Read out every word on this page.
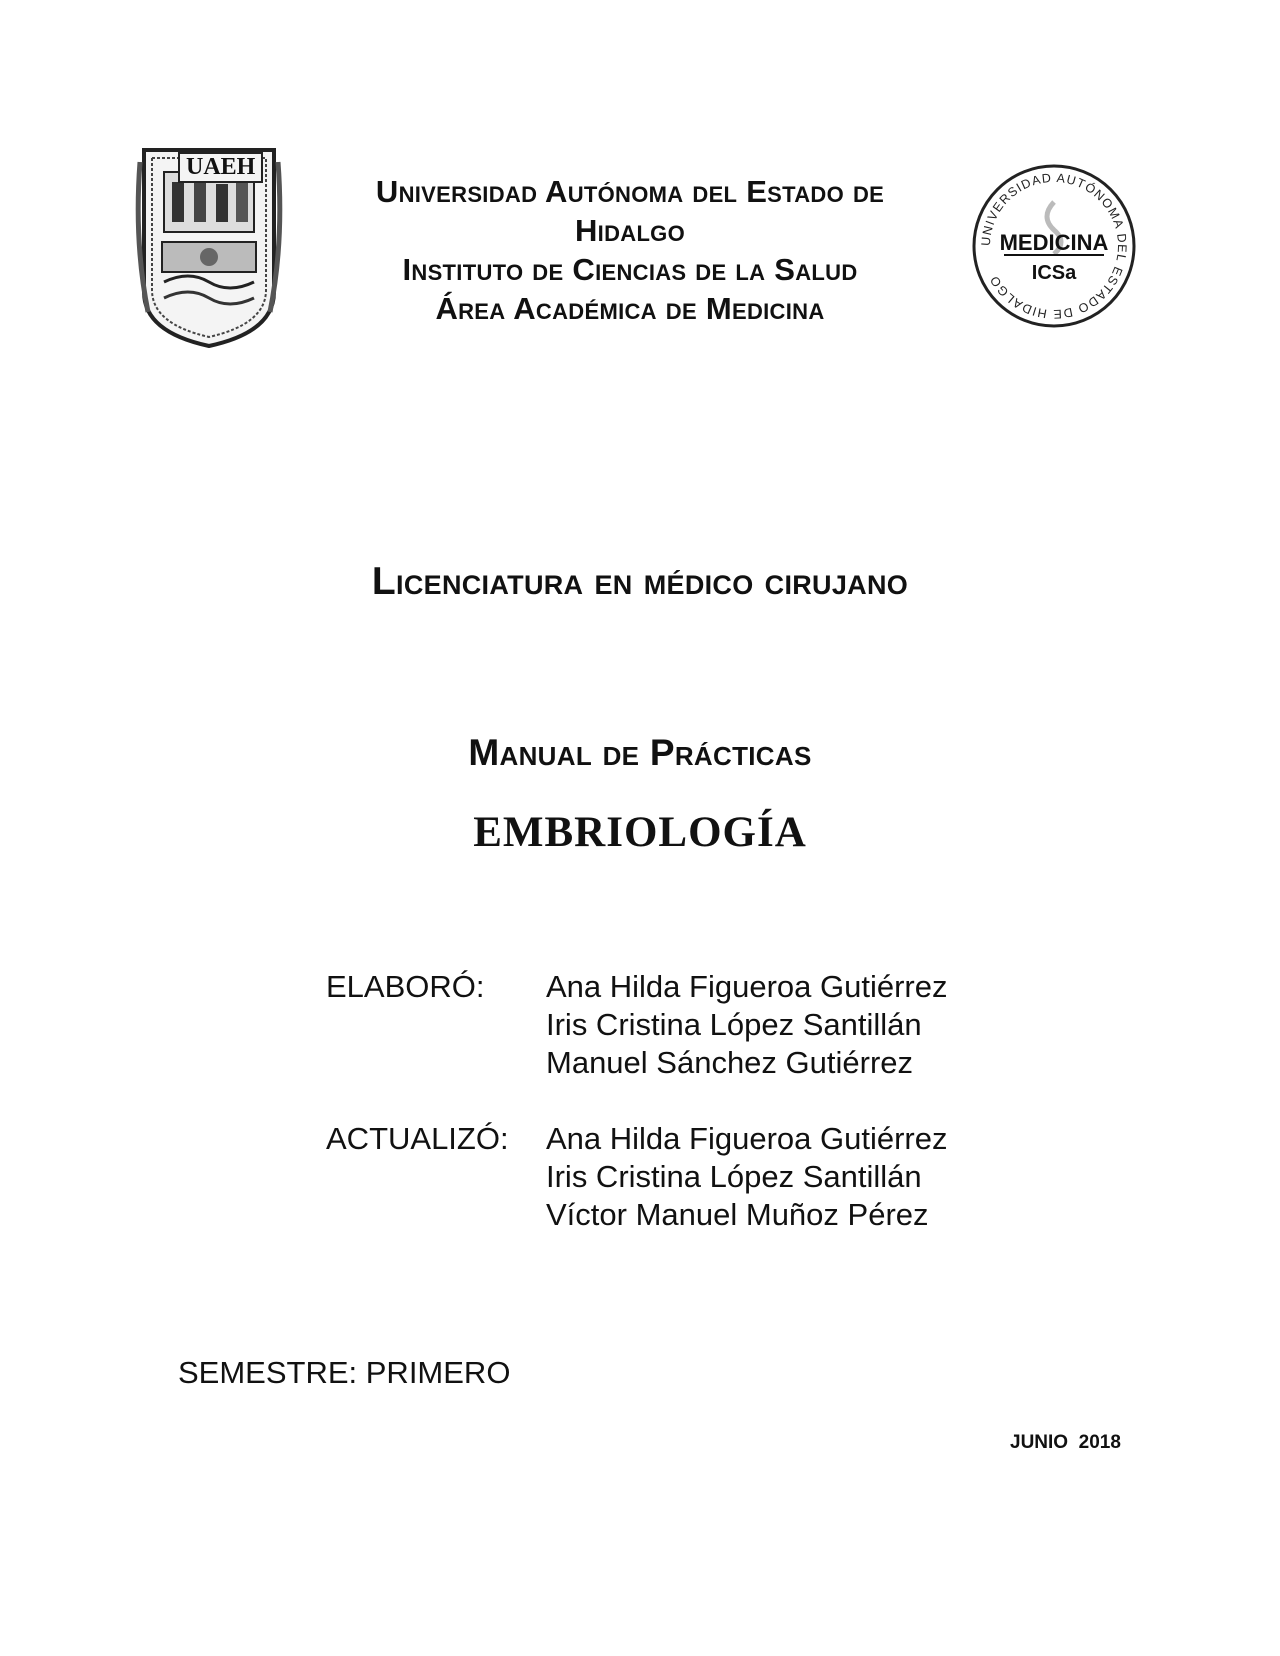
UAEH
Universidad Autónoma del Estado de
Hidalgo
Instituto de Ciencias de la Salud
Área Académica de Medicina
UNIVERSIDAD AUTÓNOMA DEL ESTADO DE HIDALGO
MEDICINA
ICSa
Licenciatura en médico cirujano
Manual de Prácticas
EMBRIOLOGÍA
ELABORÓ: Ana Hilda Figueroa Gutiérrez
Iris Cristina López Santillán
Manuel Sánchez Gutiérrez
ACTUALIZÓ: Ana Hilda Figueroa Gutiérrez
Iris Cristina López Santillán
Víctor Manuel Muñoz Pérez
SEMESTRE: PRIMERO
JUNIO  2018
